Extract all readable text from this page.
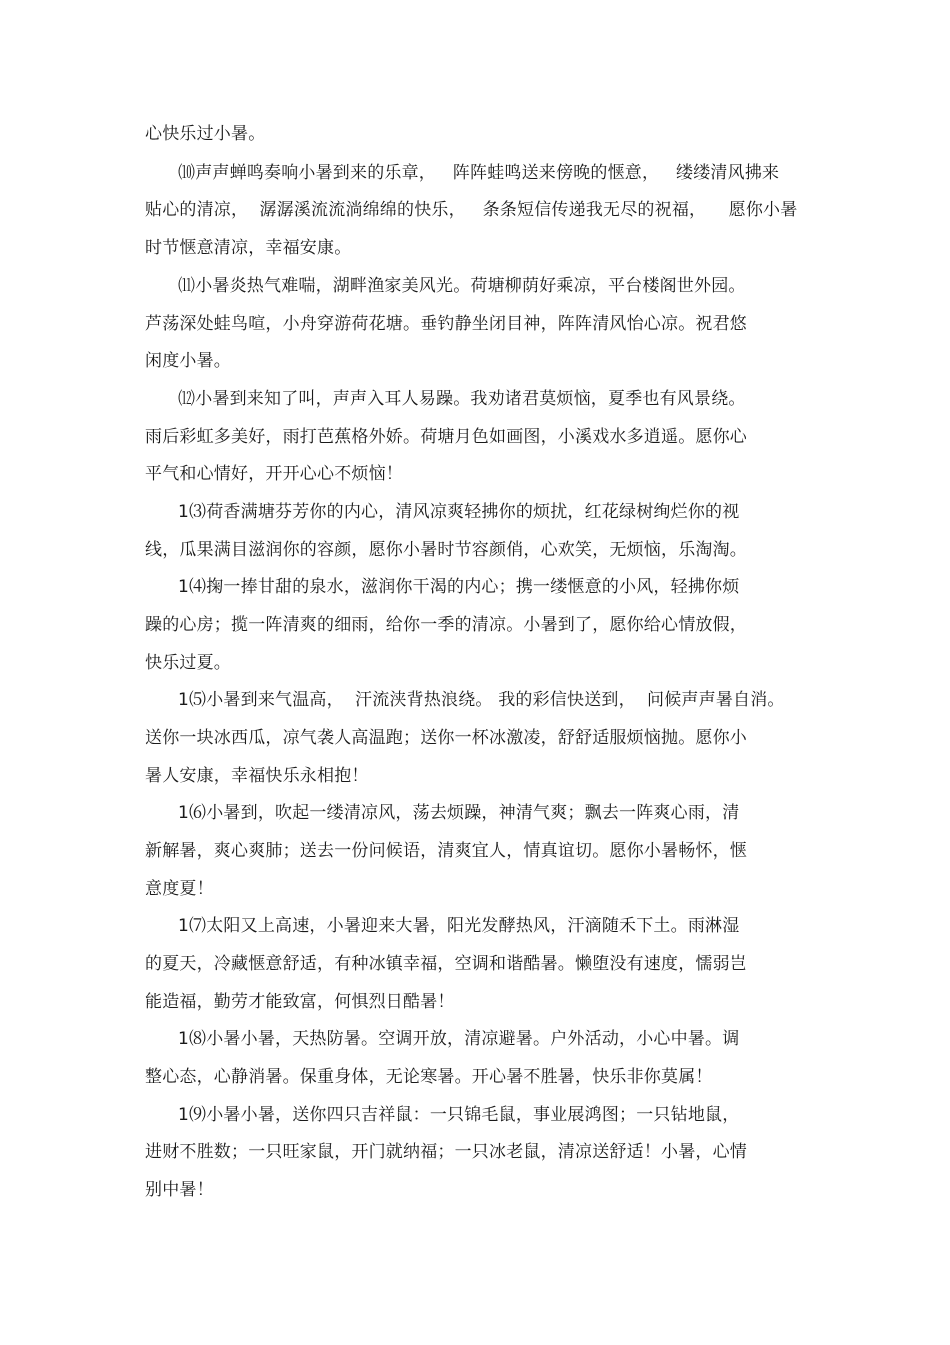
心快乐过小暑。
⑽声声蝉鸣奏响小暑到来的乐章，   阵阵蛙鸣送来傍晚的惬意，   缕缕清风拂来
贴心的清凉，  潺潺溪流流淌绵绵的快乐，   条条短信传递我无尽的祝福，    愿你小暑
时节惬意清凉，幸福安康。
⑾小暑炎热气难喘，湖畔渔家美风光。荷塘柳荫好乘凉，平台楼阁世外园。
芦荡深处蛙鸟喧，小舟穿游荷花塘。垂钓静坐闭目神，阵阵清风怡心凉。祝君悠
闲度小暑。
⑿小暑到来知了叫，声声入耳人易躁。我劝诸君莫烦恼，夏季也有风景绕。
雨后彩虹多美好，雨打芭蕉格外娇。荷塘月色如画图，小溪戏水多逍遥。愿你心
平气和心情好，开开心心不烦恼！
1⑶荷香满塘芬芳你的内心，清风凉爽轻拂你的烦扰，红花绿树绚烂你的视
线，瓜果满目滋润你的容颜，愿你小暑时节容颜俏，心欢笑，无烦恼，乐淘淘。
1⑷掬一捧甘甜的泉水，滋润你干渴的内心；携一缕惬意的小风，轻拂你烦
躁的心房；揽一阵清爽的细雨，给你一季的清凉。小暑到了，愿你给心情放假，
快乐过夏。
1⑸小暑到来气温高，  汗流浃背热浪绕。 我的彩信快送到，  问候声声暑自消。
送你一块冰西瓜，凉气袭人高温跑；送你一杯冰激凌，舒舒适服烦恼抛。愿你小
暑人安康，幸福快乐永相抱！
1⑹小暑到，吹起一缕清凉风，荡去烦躁，神清气爽；飘去一阵爽心雨，清
新解暑，爽心爽肺；送去一份问候语，清爽宜人，情真谊切。愿你小暑畅怀，惬
意度夏！
1⑺太阳又上高速，小暑迎来大暑，阳光发酵热风，汗滴随禾下土。雨淋湿
的夏天，冷藏惬意舒适，有种冰镇幸福，空调和谐酷暑。懒堕没有速度，懦弱岂
能造福，勤劳才能致富，何惧烈日酷暑！
1⑻小暑小暑，天热防暑。空调开放，清凉避暑。户外活动，小心中暑。调
整心态，心静消暑。保重身体，无论寒暑。开心暑不胜暑，快乐非你莫属！
1⑼小暑小暑，送你四只吉祥鼠：一只锦毛鼠，事业展鸿图；一只钻地鼠，
进财不胜数；一只旺家鼠，开门就纳福；一只冰老鼠，清凉送舒适！小暑，心情
别中暑！
